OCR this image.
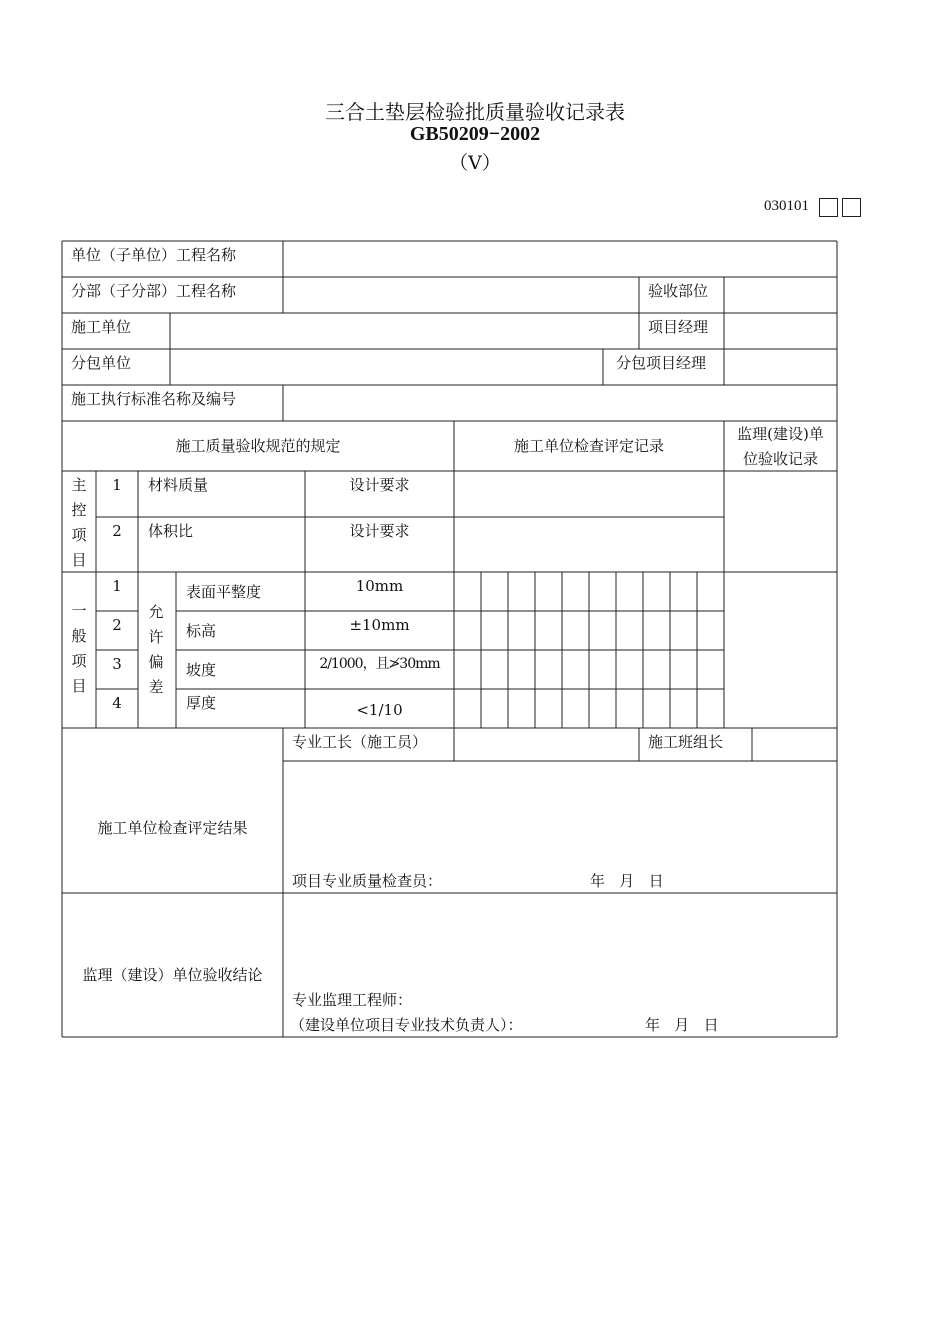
三合土垫层检验批质量验收记录表
GB50209−2002
（Ⅴ）
030101
单位（子单位）工程名称
分部（子分部）工程名称	验收部位
施工单位	项目经理
分包单位	分包项目经理
施工执行标准名称及编号
施工质量验收规范的规定	施工单位检查评定记录
监理(建设)单
位验收记录
主
控
项
目
1	材料质量	设计要求
2	体积比	设计要求
一
般
项
目
允
许
偏
差
1	表面平整度	10mm
2	标高	±10mm
3	坡度	2/1000，且≯30mm
4	厚度	<1/10
施工单位检查评定结果
专业工长（施工员）	施工班组长
项目专业质量检查员：	年   月   日
监理（建设）单位验收结论
专业监理工程师：
（建设单位项目专业技术负责人）：	年   月   日
